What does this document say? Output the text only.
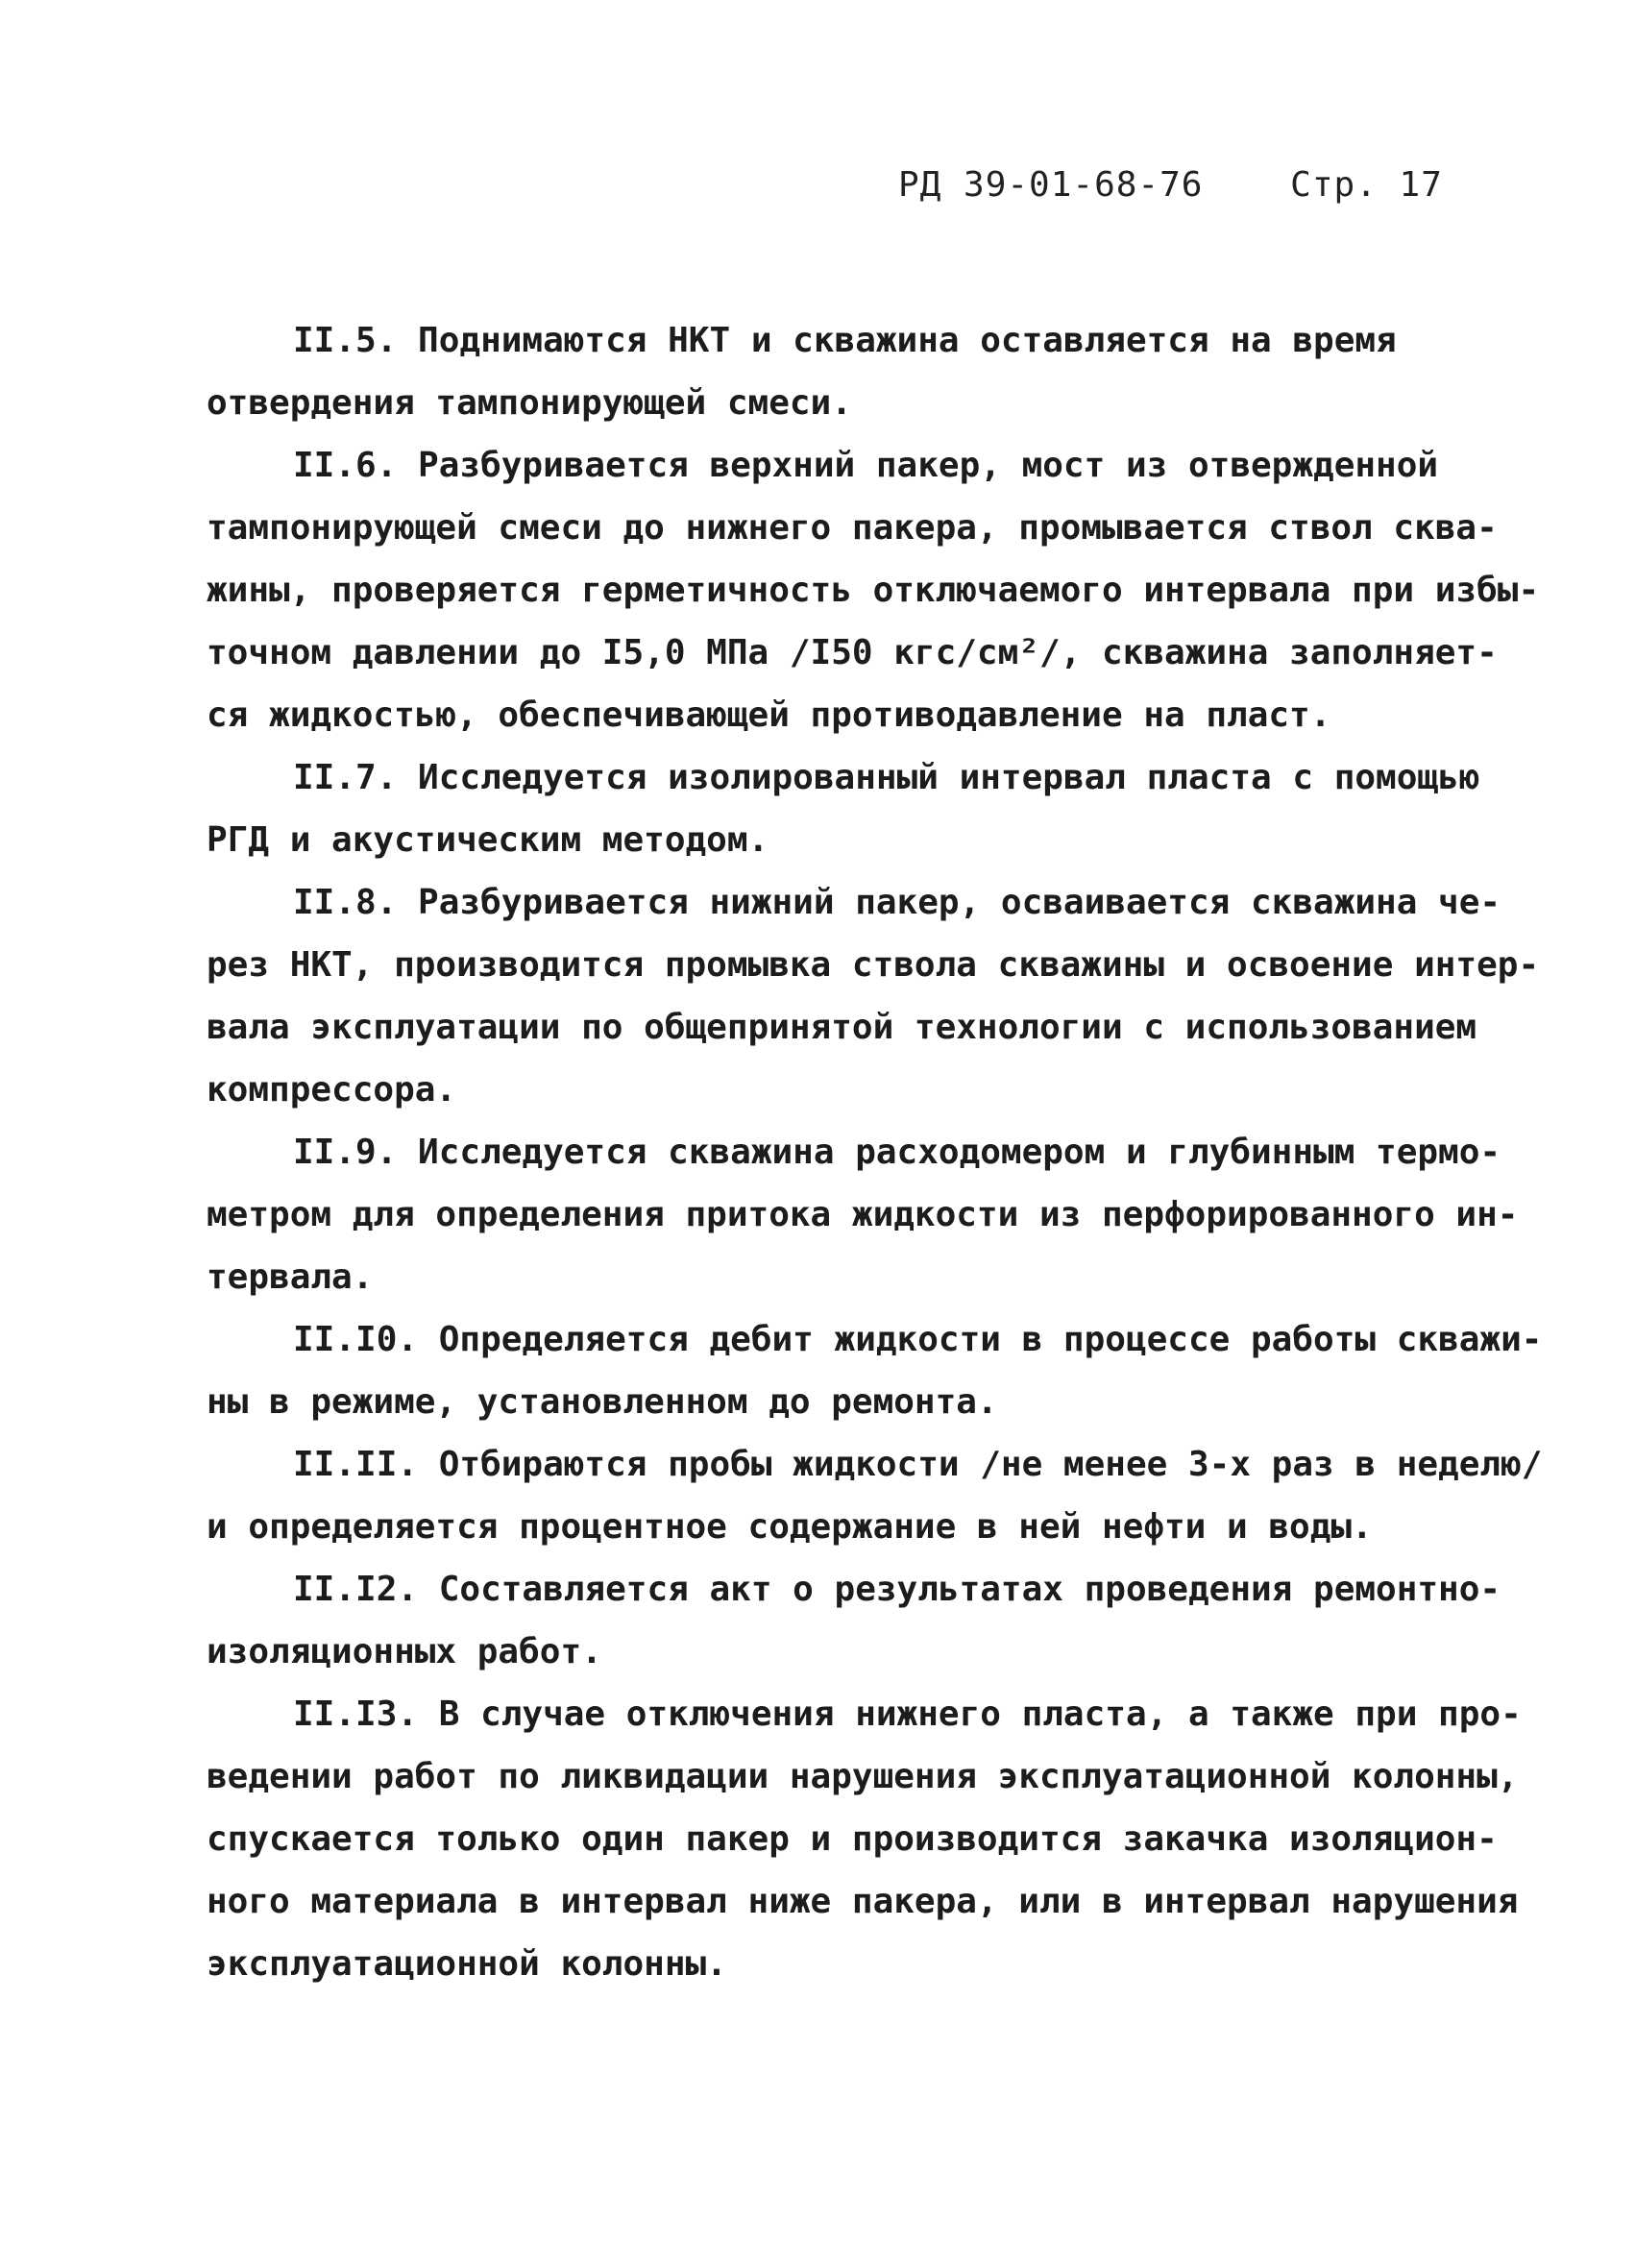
РД 39-01-68-76	Стр. 17
II.5. Поднимаются НКТ и скважина оставляется на время
отвердения тампонирующей смеси.
II.6. Разбуривается верхний пакер, мост из отвержденной
тампонирующей смеси до нижнего пакера, промывается ствол сква-
жины, проверяется герметичность отключаемого интервала при избы-
точном давлении до I5,0 МПа /I50 кгс/см²/, скважина заполняет-
ся жидкостью, обеспечивающей противодавление на пласт.
II.7. Исследуется изолированный интервал пласта с помощью
РГД и акустическим методом.
II.8. Разбуривается нижний пакер, осваивается скважина че-
рез НКТ, производится промывка ствола скважины и освоение интер-
вала эксплуатации по общепринятой технологии с использованием
компрессора.
II.9. Исследуется скважина расходомером и глубинным термо-
метром для определения притока жидкости из перфорированного ин-
тервала.
II.I0. Определяется дебит жидкости в процессе работы скважи-
ны в режиме, установленном до ремонта.
II.II. Отбираются пробы жидкости /не менее 3-х раз в неделю/
и определяется процентное содержание в ней нефти и воды.
II.I2. Составляется акт о результатах проведения ремонтно-
изоляционных работ.
II.I3. В случае отключения нижнего пласта, а также при про-
ведении работ по ликвидации нарушения эксплуатационной колонны,
спускается только один пакер и производится закачка изоляцион-
ного материала в интервал ниже пакера, или в интервал нарушения
эксплуатационной колонны.
